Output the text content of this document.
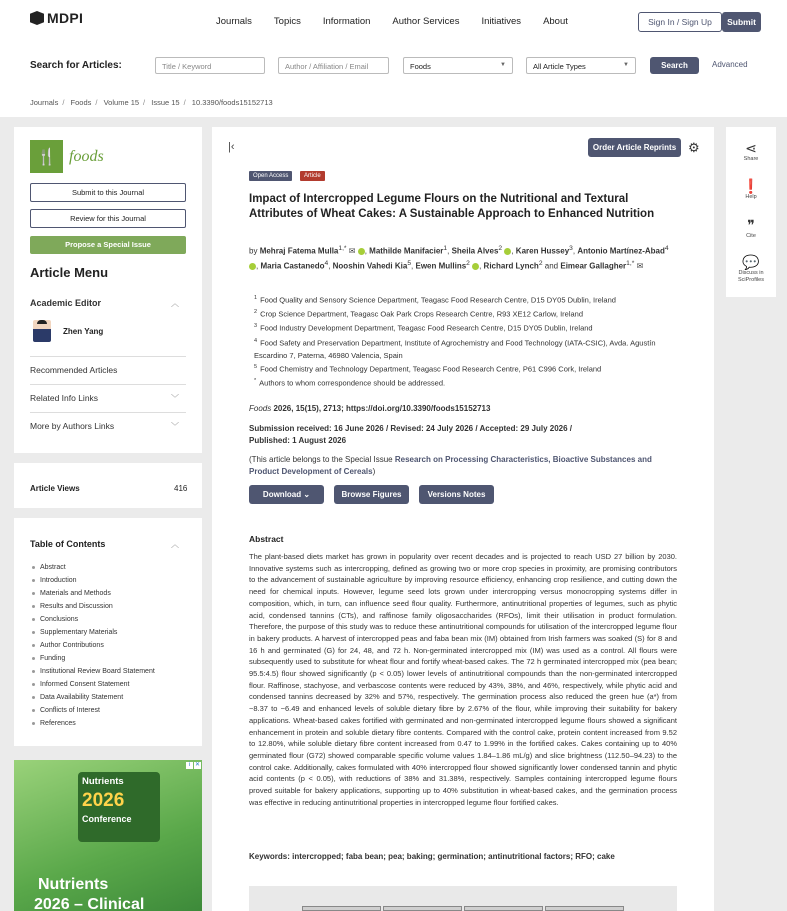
MDPI	Journals Topics Information Author Services Initiatives About	Sign In / Sign Up	Submit
Search for Articles:	Title / Keyword	Author / Affiliation / Email	Foods	▼	All Article Types	▼	Search	Advanced
Journals / Foods / Volume 15 / Issue 15 / 10.3390/foods15152713
🍴 foods
Submit to this Journal
Review for this Journal
Propose a Special Issue
Article Menu
Academic Editor	︿
Zhen Yang
Recommended Articles
Related Info Links	﹀
More by Authors Links	﹀
Article Views	416
Table of Contents	︿
Abstract
Introduction
Materials and Methods
Results and Discussion
Conclusions
Supplementary Materials
Author Contributions
Funding
Institutional Review Board Statement
Informed Consent Statement
Data Availability Statement
Conflicts of Interest
References
Nutrients
2026
Conference
Nutrients
2026 – Clinical
i ✕
|‹	Order Article Reprints ⚙
Open Access	Article
Impact of Intercropped Legume Flours on the Nutritional and Textural Attributes of Wheat Cakes: A Sustainable Approach to Enhanced Nutrition
by Mehraj Fatema Mulla$^{1,*}$ ✉ , Mathilde Manifacier$^1$, Sheila Alves$^2$ , Karen Hussey$^3$, Antonio Martínez-Abad$^4$ , Maria Castanedo$^4$, Nooshin Vahedi Kia$^5$, Ewen Mullins$^2$ , Richard Lynch$^2$ and Eimear Gallagher$^{1,*}$ ✉
$^1$ Food Quality and Sensory Science Department, Teagasc Food Research Centre, D15 DY05 Dublin, Ireland
$^2$ Crop Science Department, Teagasc Oak Park Crops Research Centre, R93 XE12 Carlow, Ireland
$^3$ Food Industry Development Department, Teagasc Food Research Centre, D15 DY05 Dublin, Ireland
$^4$ Food Safety and Preservation Department, Institute of Agrochemistry and Food Technology (IATA-CSIC), Avda. Agustín Escardino 7, Paterna, 46980 Valencia, Spain
$^5$ Food Chemistry and Technology Department, Teagasc Food Research Centre, P61 C996 Cork, Ireland
* Authors to whom correspondence should be addressed.
Foods 2026, 15(15), 2713; https://doi.org/10.3390/foods15152713
Submission received: 16 June 2026 / Revised: 24 July 2026 / Accepted: 29 July 2026 / Published: 1 August 2026
(This article belongs to the Special Issue Research on Processing Characteristics, Bioactive Substances and Product Development of Cereals)
Download ⌄	Browse Figures	Versions Notes
Abstract
The plant-based diets market has grown in popularity over recent decades and is projected to reach USD 27 billion by 2030. Innovative systems such as intercropping, defined as growing two or more crop species in proximity, are promising contributors to the advancement of sustainable agriculture by improving resource efficiency, enhancing crop resilience, and cutting down the need for chemical inputs. However, legume seed lots grown under intercropping versus monocropping systems differ in composition, which, in turn, can influence seed flour quality. Furthermore, antinutritional properties of legumes, such as phytic acid, condensed tannins (CTs), and raffinose family oligosaccharides (RFOs), limit their utilisation in product formulation. Therefore, the purpose of this study was to reduce these antinutritional compounds for utilisation of the intercropped legume flour in bakery products. A harvest of intercropped peas and faba bean mix (IM) obtained from Irish farmers was soaked (S) for 8 and 16 h and germinated (G) for 24, 48, and 72 h. Non-germinated intercropped mix (IM) was used as a control. All flours were subsequently used to substitute for wheat flour and fortify wheat-based cakes. The 72 h germinated intercropped mix (pea bean; 95.5:4.5) flour showed significantly (p < 0.05) lower levels of antinutritional compounds than the non-germinated intercropped flour. Raffinose, stachyose, and verbascose contents were reduced by 43%, 38%, and 46%, respectively, while phytic acid and condensed tannins decreased by 32% and 57%, respectively. The germination process also reduced the green hue (a*) from −8.37 to −6.49 and enhanced levels of soluble dietary fibre by 2.67% of the flour, while improving their suitability for bakery applications. Wheat-based cakes fortified with germinated and non-germinated intercropped legume flours showed a significant enhancement in protein and soluble dietary fibre contents. Compared with the control cake, protein content increased from 9.52 to 12.80%, while soluble dietary fibre content increased from 0.47 to 1.99% in the fortified cakes. Cakes containing up to 40% germinated flour (G72) showed comparable specific volume values 1.84–1.86 mL/g) and slice brightness (112.50–94.23) to the control cake. Additionally, cakes formulated with 40% intercropped flour showed significantly lower condensed tannin and phytic acid contents (p < 0.05), with reductions of 38% and 31.38%, respectively. Samples containing intercropped legume flours proved suitable for bakery applications, supporting up to 40% substitution in wheat-based cakes, and the germination process was effective in reducing antinutritional properties in intercropped legume flour fortified cakes.
Keywords: intercropped; faba bean; pea; baking; germination; antinutritional factors; RFO; cake
⋖
Share
❗
Help
❞
Cite
💬
Discuss in SciProfiles
